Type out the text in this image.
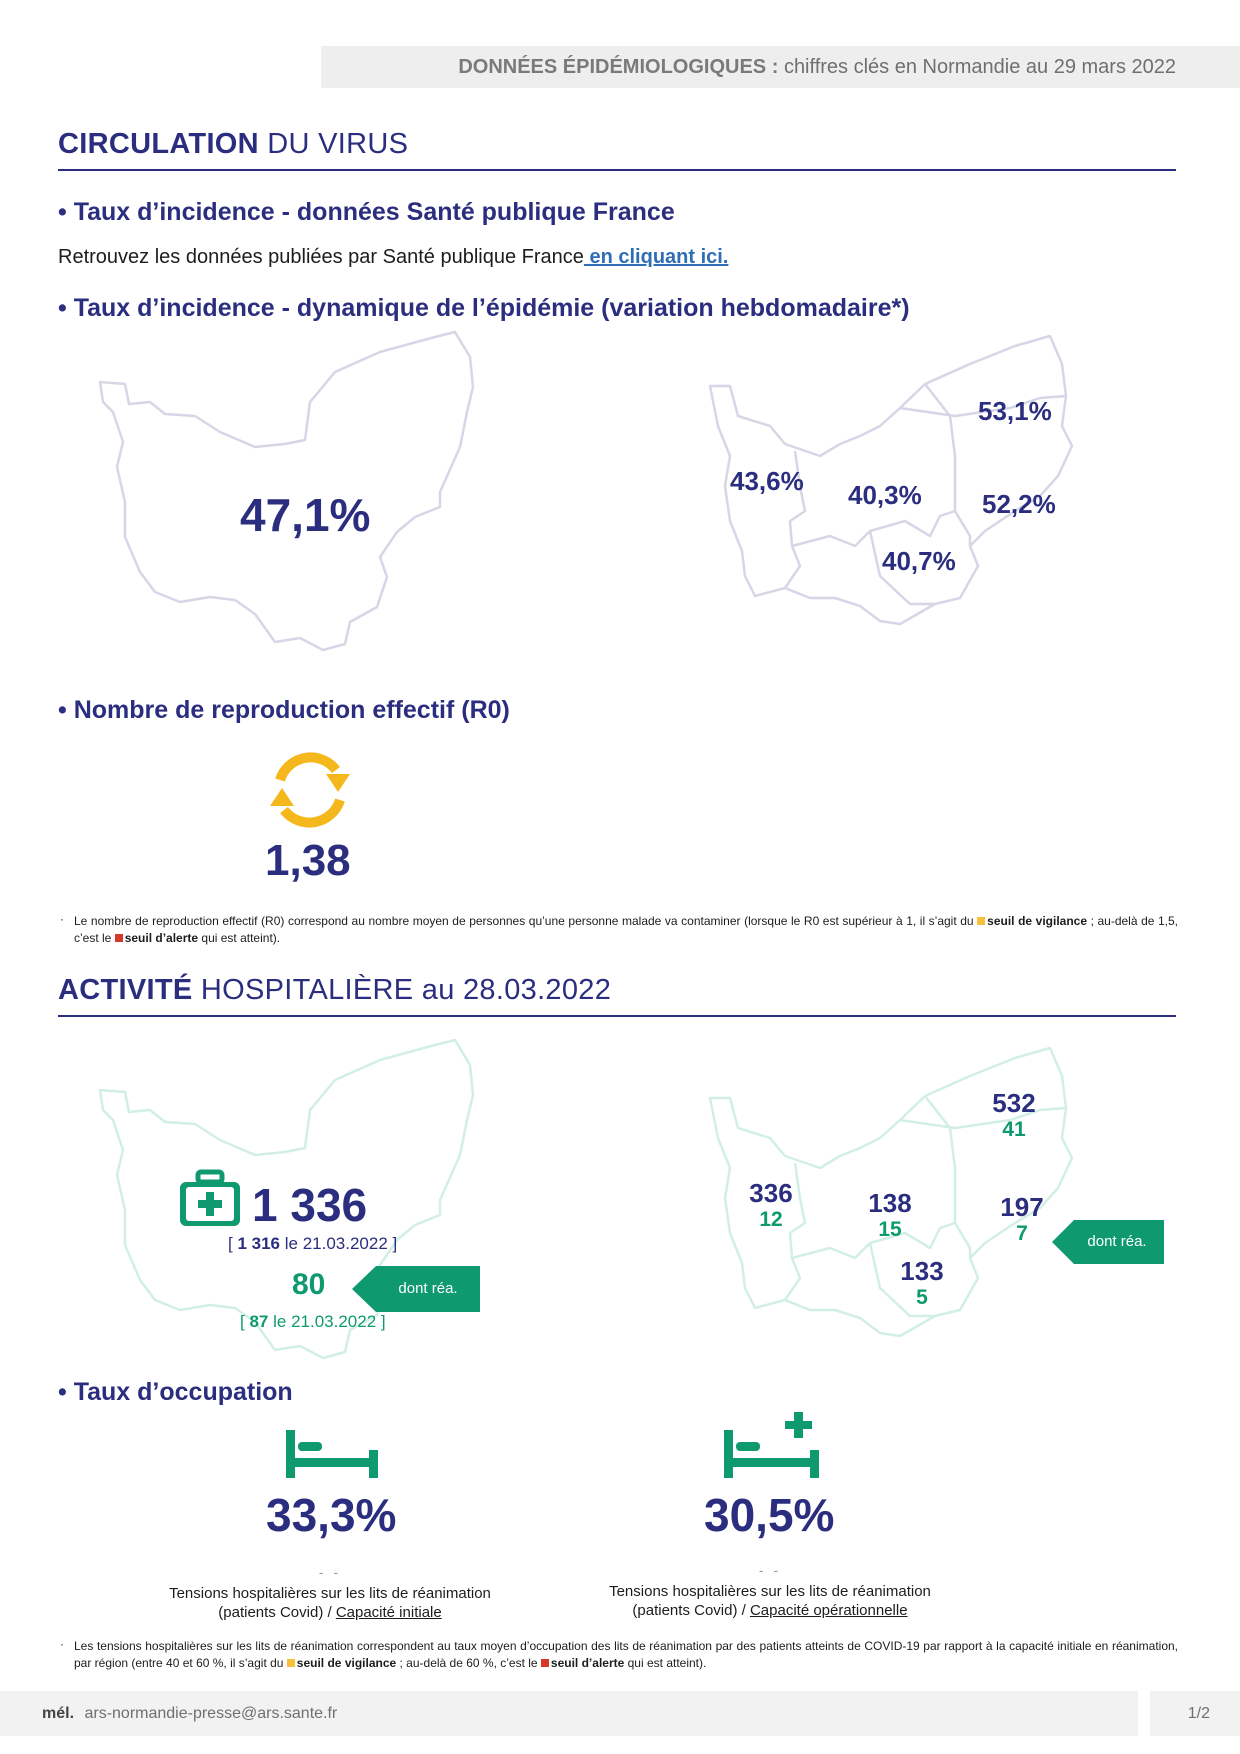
DONNÉES ÉPIDÉMIOLOGIQUES : chiffres clés en Normandie au 29 mars 2022
CIRCULATION DU VIRUS
• Taux d’incidence - données Santé publique France
Retrouvez les données publiées par Santé publique France en cliquant ici.
• Taux d’incidence - dynamique de l’épidémie (variation hebdomadaire*)
47,1%
43,6% 40,3%
53,1%
52,2%
40,7%
• Nombre de reproduction effectif (R0)
1,38
· Le nombre de reproduction effectif (R0) correspond au nombre moyen de personnes qu’une personne malade va contaminer (lorsque le R0 est supérieur à 1, il s’agit du seuil de vigilance ; au-delà de 1,5, c’est le seuil d’alerte qui est atteint).

ACTIVITÉ HOSPITALIÈRE au 28.03.2022
1 336
[ 1 316 le 21.03.2022 ]
80
[ 87 le 21.03.2022 ]
dont réa.
336
12
138
15
532
41
197
7
133
5
dont réa.
• Taux d’occupation
33,3%	30,5%
- -
Tensions hospitalières sur les lits de réanimation
(patients Covid) / Capacité initiale
- -
Tensions hospitalières sur les lits de réanimation
(patients Covid) / Capacité opérationnelle
· Les tensions hospitalières sur les lits de réanimation correspondent au taux moyen d’occupation des lits de réanimation par des patients atteints de COVID-19 par rapport à la capacité initiale en réanimation, par région (entre 40 et 60 %, il s’agit du seuil de vigilance ; au-delà de 60 %, c’est le seuil d’alerte qui est atteint).

mél. ars-normandie-presse@ars.sante.fr	1/2
